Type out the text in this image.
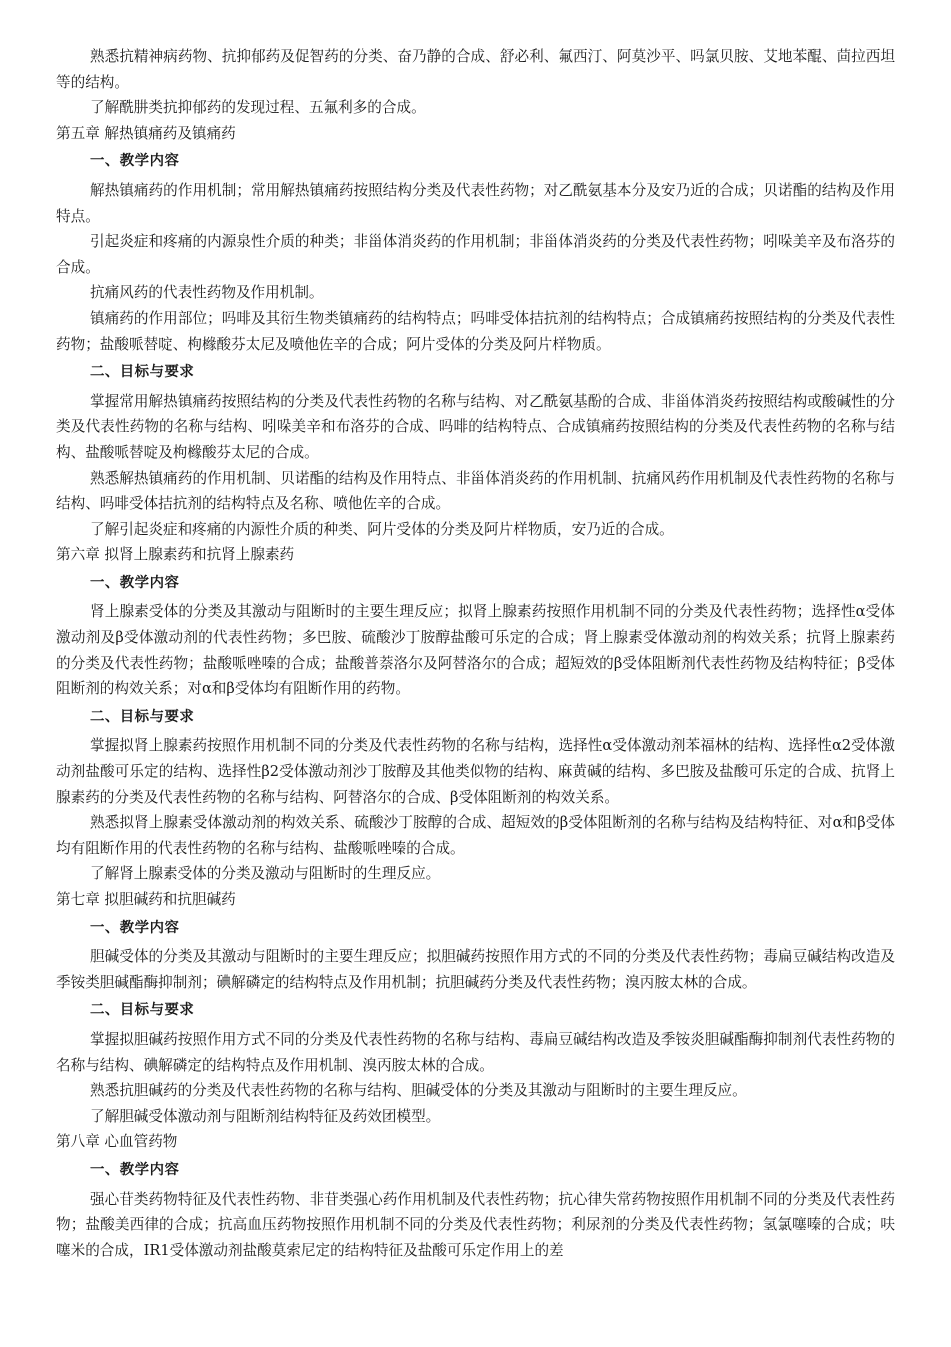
熟悉抗精神病药物、抗抑郁药及促智药的分类、奋乃静的合成、舒必利、氟西汀、阿莫沙平、吗氯贝胺、艾地苯醌、茴拉西坦等的结构。

了解酰肼类抗抑郁药的发现过程、五氟利多的合成。

第五章 解热镇痛药及镇痛药

一、教学内容

解热镇痛药的作用机制；常用解热镇痛药按照结构分类及代表性药物；对乙酰氨基本分及安乃近的合成；贝诺酯的结构及作用特点。

引起炎症和疼痛的内源泉性介质的种类；非甾体消炎药的作用机制；非甾体消炎药的分类及代表性药物；吲哚美辛及布洛芬的合成。

抗痛风药的代表性药物及作用机制。

镇痛药的作用部位；吗啡及其衍生物类镇痛药的结构特点；吗啡受体拮抗剂的结构特点；合成镇痛药按照结构的分类及代表性药物；盐酸哌替啶、枸橼酸芬太尼及喷他佐辛的合成；阿片受体的分类及阿片样物质。

二、目标与要求

掌握常用解热镇痛药按照结构的分类及代表性药物的名称与结构、对乙酰氨基酚的合成、非甾体消炎药按照结构或酸碱性的分类及代表性药物的名称与结构、吲哚美辛和布洛芬的合成、吗啡的结构特点、合成镇痛药按照结构的分类及代表性药物的名称与结构、盐酸哌替啶及枸橼酸芬太尼的合成。

熟悉解热镇痛药的作用机制、贝诺酯的结构及作用特点、非甾体消炎药的作用机制、抗痛风药作用机制及代表性药物的名称与结构、吗啡受体拮抗剂的结构特点及名称、喷他佐辛的合成。

了解引起炎症和疼痛的内源性介质的种类、阿片受体的分类及阿片样物质，安乃近的合成。

第六章 拟肾上腺素药和抗肾上腺素药

一、教学内容

肾上腺素受体的分类及其激动与阻断时的主要生理反应；拟肾上腺素药按照作用机制不同的分类及代表性药物；选择性α受体激动剂及β受体激动剂的代表性药物；多巴胺、硫酸沙丁胺醇盐酸可乐定的合成；肾上腺素受体激动剂的构效关系；抗肾上腺素药的分类及代表性药物；盐酸哌唑嗪的合成；盐酸普萘洛尔及阿替洛尔的合成；超短效的β受体阻断剂代表性药物及结构特征；β受体阻断剂的构效关系；对α和β受体均有阻断作用的药物。

二、目标与要求

掌握拟肾上腺素药按照作用机制不同的分类及代表性药物的名称与结构，选择性α受体激动剂苯福林的结构、选择性α2受体激动剂盐酸可乐定的结构、选择性β2受体激动剂沙丁胺醇及其他类似物的结构、麻黄碱的结构、多巴胺及盐酸可乐定的合成、抗肾上腺素药的分类及代表性药物的名称与结构、阿替洛尔的合成、β受体阻断剂的构效关系。

熟悉拟肾上腺素受体激动剂的构效关系、硫酸沙丁胺醇的合成、超短效的β受体阻断剂的名称与结构及结构特征、对α和β受体均有阻断作用的代表性药物的名称与结构、盐酸哌唑嗪的合成。

了解肾上腺素受体的分类及激动与阻断时的生理反应。

第七章 拟胆碱药和抗胆碱药

一、教学内容

胆碱受体的分类及其激动与阻断时的主要生理反应；拟胆碱药按照作用方式的不同的分类及代表性药物；毒扁豆碱结构改造及季铵类胆碱酯酶抑制剂；碘解磷定的结构特点及作用机制；抗胆碱药分类及代表性药物；溴丙胺太林的合成。

二、目标与要求

掌握拟胆碱药按照作用方式不同的分类及代表性药物的名称与结构、毒扁豆碱结构改造及季铵炎胆碱酯酶抑制剂代表性药物的名称与结构、碘解磷定的结构特点及作用机制、溴丙胺太林的合成。

熟悉抗胆碱药的分类及代表性药物的名称与结构、胆碱受体的分类及其激动与阻断时的主要生理反应。

了解胆碱受体激动剂与阻断剂结构特征及药效团模型。

第八章 心血管药物

一、教学内容

强心苷类药物特征及代表性药物、非苷类强心药作用机制及代表性药物；抗心律失常药物按照作用机制不同的分类及代表性药物；盐酸美西律的合成；抗高血压药物按照作用机制不同的分类及代表性药物；利尿剂的分类及代表性药物；氢氯噻嗪的合成；呋噻米的合成，IR1受体激动剂盐酸莫索尼定的结构特征及盐酸可乐定作用上的差
